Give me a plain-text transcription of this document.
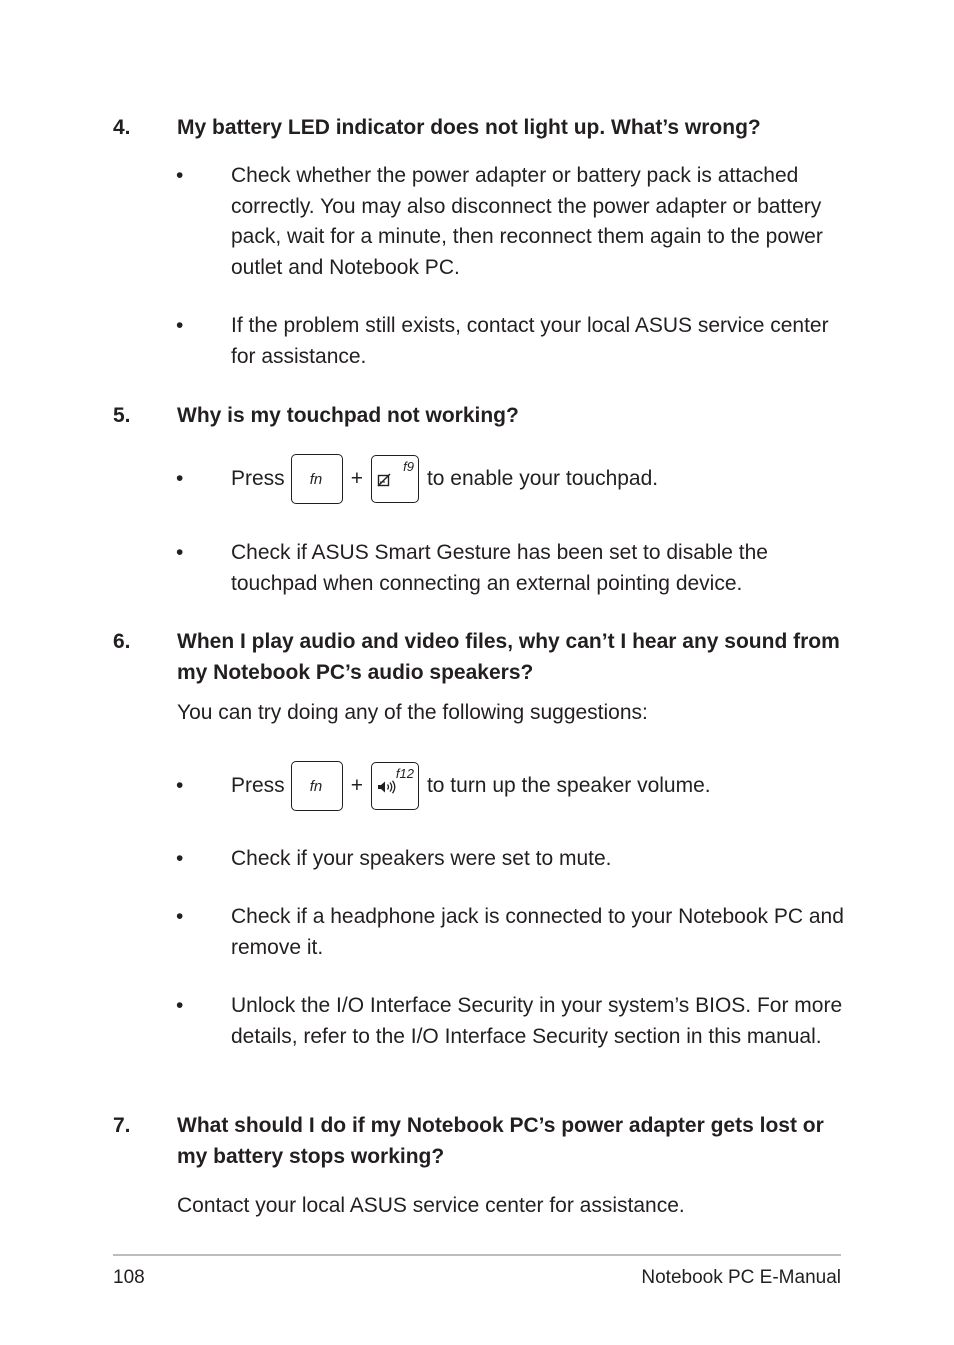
4. My battery LED indicator does not light up. What’s wrong?
•	Check whether the power adapter or battery pack is attached correctly. You may also disconnect the power adapter or battery pack, wait for a minute, then reconnect them again to the power outlet and Notebook PC.
•	If the problem still exists, contact your local ASUS service center for assistance.
5. Why is my touchpad not working?
•	Press fn +
f9
to enable your touchpad.
•	Check if ASUS Smart Gesture has been set to disable the touchpad when connecting an external pointing device.
6. When I play audio and video files, why can’t I hear any sound from my Notebook PC’s audio speakers?
You can try doing any of the following suggestions:
•	Press fn +
f12
to turn up the speaker volume.
•	Check if your speakers were set to mute.
•	Check if a headphone jack is connected to your Notebook PC and remove it.
•	Unlock the I/O Interface Security in your system’s BIOS. For more details, refer to the I/O Interface Security section in this manual.
7. What should I do if my Notebook PC’s power adapter gets lost or my battery stops working?
Contact your local ASUS service center for assistance.
108	Notebook PC E-Manual
